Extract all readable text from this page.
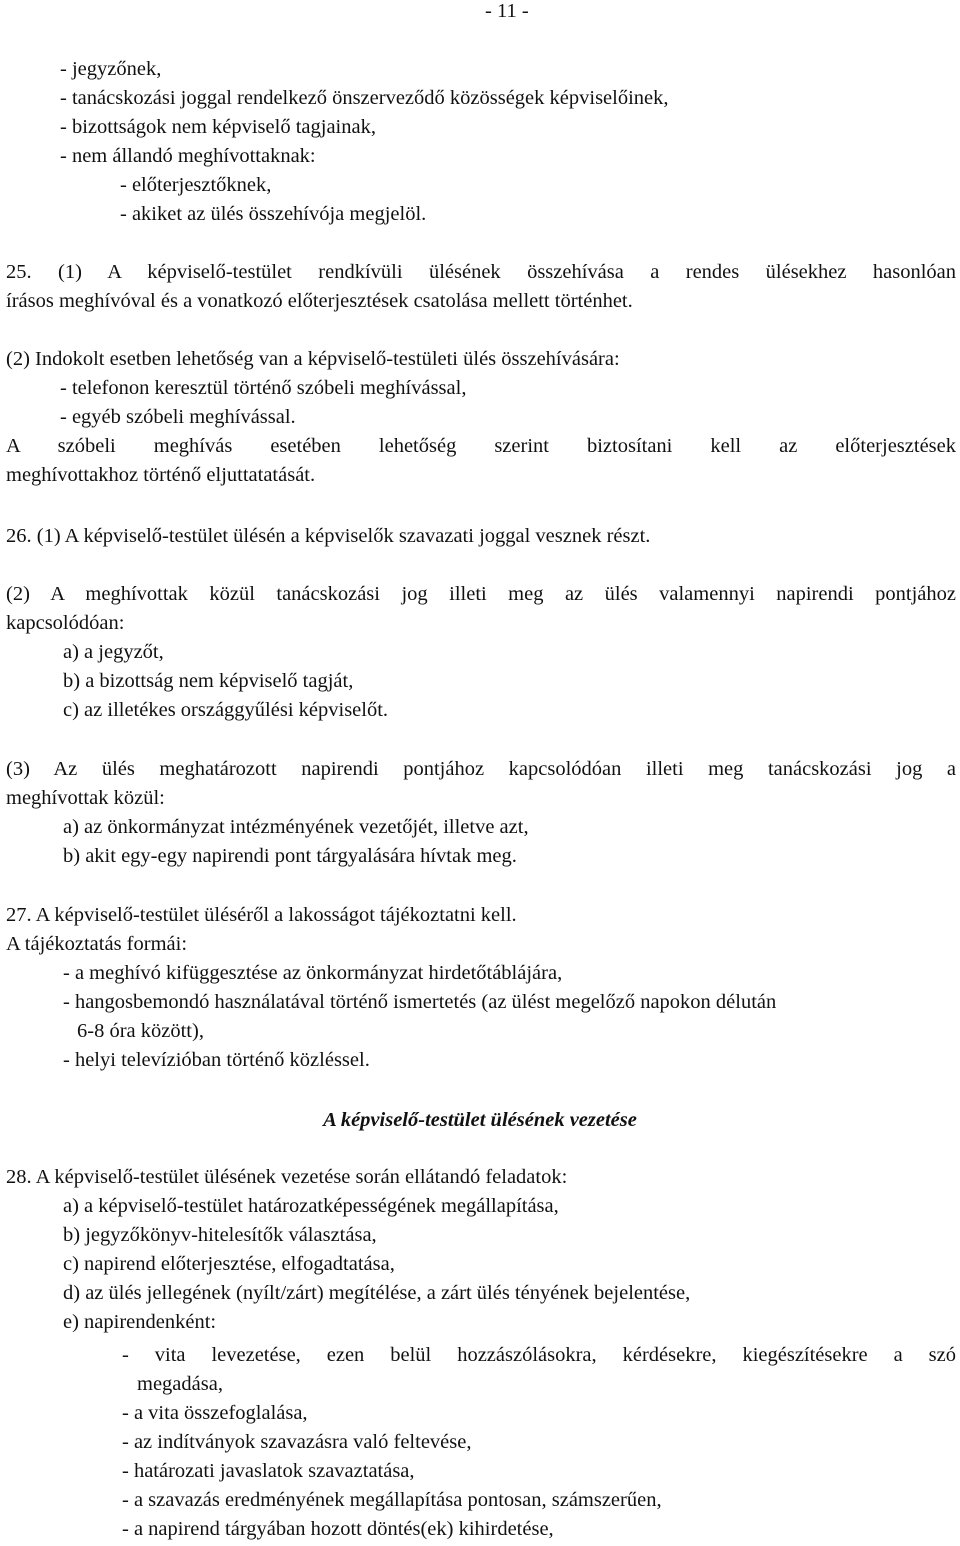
- 11 -
- jegyzőnek,
- tanácskozási joggal rendelkező önszerveződő közösségek képviselőinek,
- bizottságok nem képviselő tagjainak,
- nem állandó meghívottaknak:
- előterjesztőknek,
- akiket az ülés összehívója megjelöl.
25. (1) A képviselő-testület rendkívüli ülésének összehívása a rendes ülésekhez hasonlóan
írásos meghívóval és a vonatkozó előterjesztések csatolása mellett történhet.
(2) Indokolt esetben lehetőség van a képviselő-testületi ülés összehívására:
- telefonon keresztül történő szóbeli meghívással,
- egyéb szóbeli meghívással.
A szóbeli meghívás esetében lehetőség szerint biztosítani kell az előterjesztések
meghívottakhoz történő eljuttatatását.
26. (1) A képviselő-testület ülésén a képviselők szavazati joggal vesznek részt.
(2) A meghívottak közül tanácskozási jog illeti meg az ülés valamennyi napirendi pontjához
kapcsolódóan:
a) a jegyzőt,
b) a bizottság nem képviselő tagját,
c) az illetékes országgyűlési képviselőt.
(3) Az ülés meghatározott napirendi pontjához kapcsolódóan illeti meg tanácskozási jog a
meghívottak közül:
a) az önkormányzat intézményének vezetőjét, illetve azt,
b) akit egy-egy napirendi pont tárgyalására hívtak meg.
27. A képviselő-testület üléséről a lakosságot tájékoztatni kell.
A tájékoztatás formái:
- a meghívó kifüggesztése az önkormányzat hirdetőtáblájára,
- hangosbemondó használatával történő ismertetés (az ülést megelőző napokon délután
6-8 óra között),
- helyi televízióban történő közléssel.
A képviselő-testület ülésének vezetése
28. A képviselő-testület ülésének vezetése során ellátandó feladatok:
a) a képviselő-testület határozatképességének megállapítása,
b) jegyzőkönyv-hitelesítők választása,
c) napirend előterjesztése, elfogadtatása,
d) az ülés jellegének (nyílt/zárt) megítélése, a zárt ülés tényének bejelentése,
e) napirendenként:
- vita levezetése, ezen belül hozzászólásokra, kérdésekre, kiegészítésekre a szó
megadása,
- a vita összefoglalása,
- az indítványok szavazásra való feltevése,
- határozati javaslatok szavaztatása,
- a szavazás eredményének megállapítása pontosan, számszerűen,
- a napirend tárgyában hozott döntés(ek) kihirdetése,
